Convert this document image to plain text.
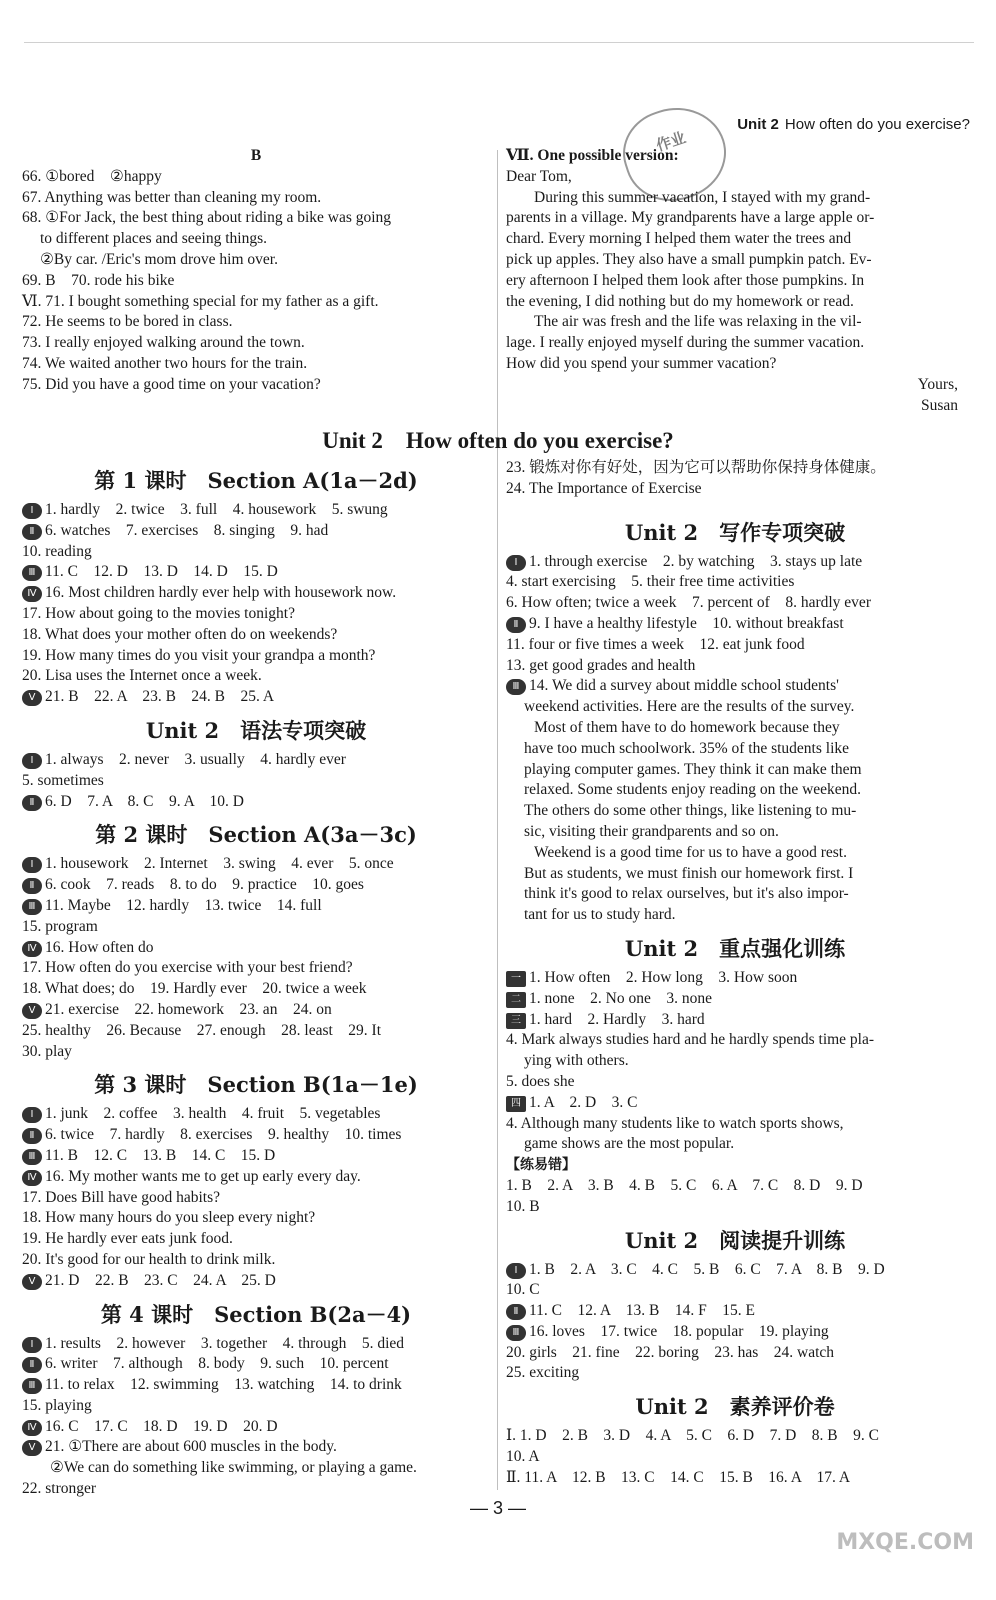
Unit 2 How often do you exercise?
作业
B
66. ①bored　②happy
67. Anything was better than cleaning my room.
68. ①For Jack, the best thing about riding a bike was going
to different places and seeing things.
②By car. /Eric's mom drove him over.
69. B　70. rode his bike
Ⅵ. 71. I bought something special for my father as a gift.
72. He seems to be bored in class.
73. I really enjoyed walking around the town.
74. We waited another two hours for the train.
75. Did you have a good time on your vacation?
Ⅶ. One possible version:
Dear Tom,
During this summer vacation, I stayed with my grand-
parents in a village. My grandparents have a large apple or-
chard. Every morning I helped them water the trees and
pick up apples. They also have a small pumpkin patch. Ev-
ery afternoon I helped them look after those pumpkins. In
the evening, I did nothing but do my homework or read.
The air was fresh and the life was relaxing in the vil-
lage. I really enjoyed myself during the summer vacation.
How did you spend your summer vacation?
Yours,
Susan
Unit 2　How often do you exercise?
第 1 课时　Section A(1a－2d)
Ⅰ 1. hardly　2. twice　3. full　4. housework　5. swung
Ⅱ 6. watches　7. exercises　8. singing　9. had
10. reading
Ⅲ 11. C　12. D　13. D　14. D　15. D
Ⅳ 16. Most children hardly ever help with housework now.
17. How about going to the movies tonight?
18. What does your mother often do on weekends?
19. How many times do you visit your grandpa a month?
20. Lisa uses the Internet once a week.
Ⅴ 21. B　22. A　23. B　24. B　25. A
Unit 2　语法专项突破
Ⅰ 1. always　2. never　3. usually　4. hardly ever
5. sometimes
Ⅱ 6. D　7. A　8. C　9. A　10. D
第 2 课时　Section A(3a－3c)
Ⅰ 1. housework　2. Internet　3. swing　4. ever　5. once
Ⅱ 6. cook　7. reads　8. to do　9. practice　10. goes
Ⅲ 11. Maybe　12. hardly　13. twice　14. full
15. program
Ⅳ 16. How often do
17. How often do you exercise with your best friend?
18. What does; do　19. Hardly ever　20. twice a week
Ⅴ 21. exercise　22. homework　23. an　24. on
25. healthy　26. Because　27. enough　28. least　29. It
30. play
第 3 课时　Section B(1a－1e)
Ⅰ 1. junk　2. coffee　3. health　4. fruit　5. vegetables
Ⅱ 6. twice　7. hardly　8. exercises　9. healthy　10. times
Ⅲ 11. B　12. C　13. B　14. C　15. D
Ⅳ 16. My mother wants me to get up early every day.
17. Does Bill have good habits?
18. How many hours do you sleep every night?
19. He hardly ever eats junk food.
20. It's good for our health to drink milk.
Ⅴ 21. D　22. B　23. C　24. A　25. D
第 4 课时　Section B(2a－4)
Ⅰ 1. results　2. however　3. together　4. through　5. died
Ⅱ 6. writer　7. although　8. body　9. such　10. percent
Ⅲ 11. to relax　12. swimming　13. watching　14. to drink
15. playing
Ⅳ 16. C　17. C　18. D　19. D　20. D
Ⅴ 21. ①There are about 600 muscles in the body.
②We can do something like swimming, or playing a game.
22. stronger
23. 锻炼对你有好处，因为它可以帮助你保持身体健康。
24. The Importance of Exercise
Unit 2　写作专项突破
Ⅰ 1. through exercise　2. by watching　3. stays up late
4. start exercising　5. their free time activities
6. How often; twice a week　7. percent of　8. hardly ever
Ⅱ 9. I have a healthy lifestyle　10. without breakfast
11. four or five times a week　12. eat junk food
13. get good grades and health
Ⅲ 14. We did a survey about middle school students'
weekend activities. Here are the results of the survey.
Most of them have to do homework because they
have too much schoolwork. 35% of the students like
playing computer games. They think it can make them
relaxed. Some students enjoy reading on the weekend.
The others do some other things, like listening to mu-
sic, visiting their grandparents and so on.
Weekend is a good time for us to have a good rest.
But as students, we must finish our homework first. I
think it's good to relax ourselves, but it's also impor-
tant for us to study hard.
Unit 2　重点强化训练
一 1. How often　2. How long　3. How soon
二 1. none　2. No one　3. none
三 1. hard　2. Hardly　3. hard
4. Mark always studies hard and he hardly spends time pla-
ying with others.
5. does she
四 1. A　2. D　3. C
4. Although many students like to watch sports shows,
game shows are the most popular.
【练易错】
1. B　2. A　3. B　4. B　5. C　6. A　7. C　8. D　9. D
10. B
Unit 2　阅读提升训练
Ⅰ 1. B　2. A　3. C　4. C　5. B　6. C　7. A　8. B　9. D
10. C
Ⅱ 11. C　12. A　13. B　14. F　15. E
Ⅲ 16. loves　17. twice　18. popular　19. playing
20. girls　21. fine　22. boring　23. has　24. watch
25. exciting
Unit 2　素养评价卷
Ⅰ. 1. D　2. B　3. D　4. A　5. C　6. D　7. D　8. B　9. C
10. A
Ⅱ. 11. A　12. B　13. C　14. C　15. B　16. A　17. A
— 3 —
MXQE.COM
